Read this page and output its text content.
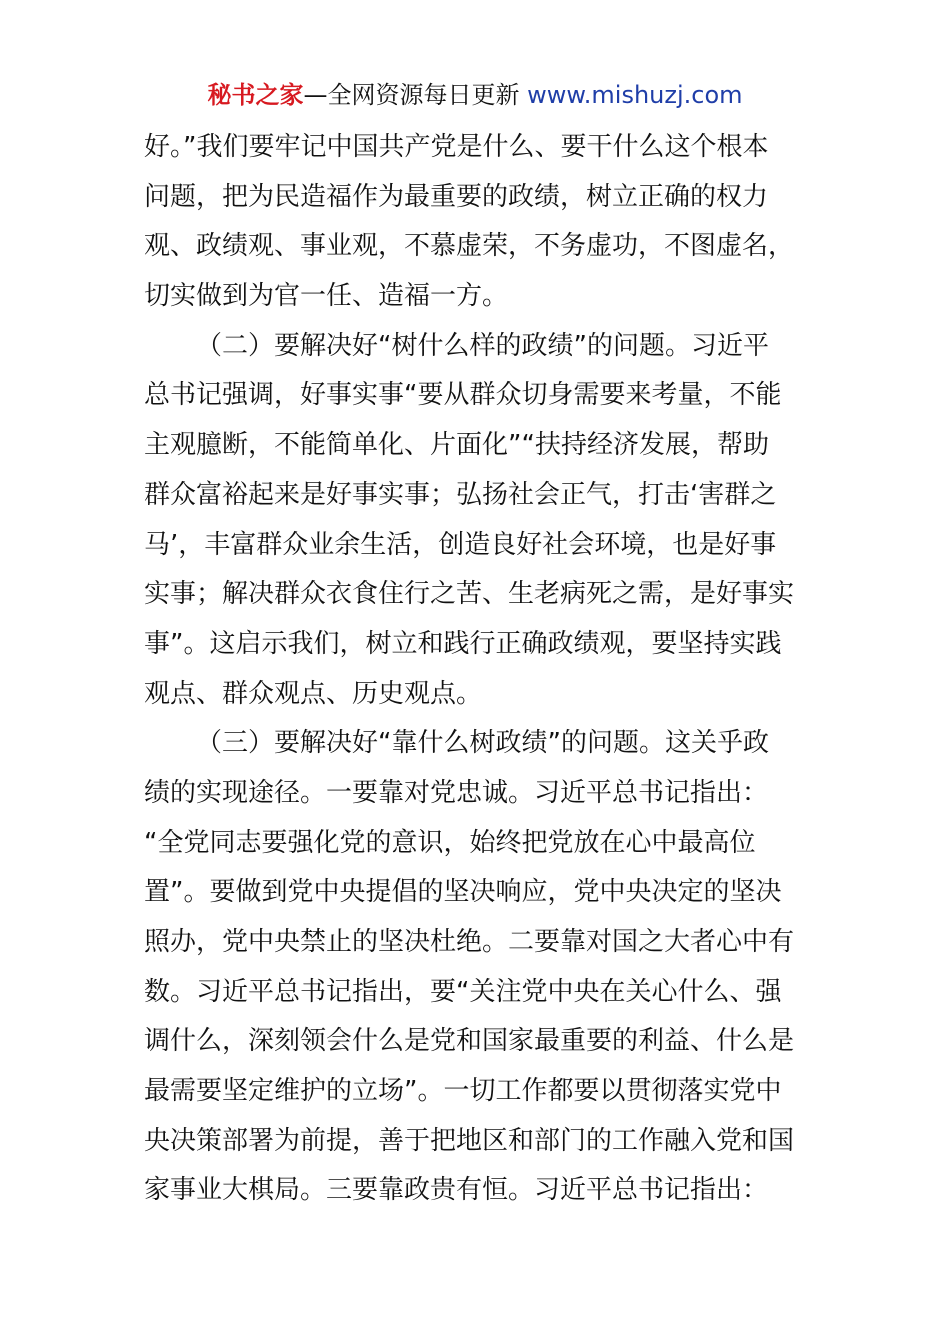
秘书之家—全网资源每日更新 www.mishuzj.com
好。”我们要牢记中国共产党是什么、要干什么这个根本
问题，把为民造福作为最重要的政绩，树立正确的权力
观、政绩观、事业观，不慕虚荣，不务虚功，不图虚名，
切实做到为官一任、造福一方。
（二）要解决好“树什么样的政绩”的问题。习近平
总书记强调，好事实事“要从群众切身需要来考量，不能
主观臆断，不能简单化、片面化”“扶持经济发展，帮助
群众富裕起来是好事实事；弘扬社会正气，打击‘害群之
马’，丰富群众业余生活，创造良好社会环境，也是好事
实事；解决群众衣食住行之苦、生老病死之需，是好事实
事”。这启示我们，树立和践行正确政绩观，要坚持实践
观点、群众观点、历史观点。
（三）要解决好“靠什么树政绩”的问题。这关乎政
绩的实现途径。一要靠对党忠诚。习近平总书记指出：
“全党同志要强化党的意识，始终把党放在心中最高位
置”。要做到党中央提倡的坚决响应，党中央决定的坚决
照办，党中央禁止的坚决杜绝。二要靠对国之大者心中有
数。习近平总书记指出，要“关注党中央在关心什么、强
调什么，深刻领会什么是党和国家最重要的利益、什么是
最需要坚定维护的立场”。一切工作都要以贯彻落实党中
央决策部署为前提，善于把地区和部门的工作融入党和国
家事业大棋局。三要靠政贵有恒。习近平总书记指出：
